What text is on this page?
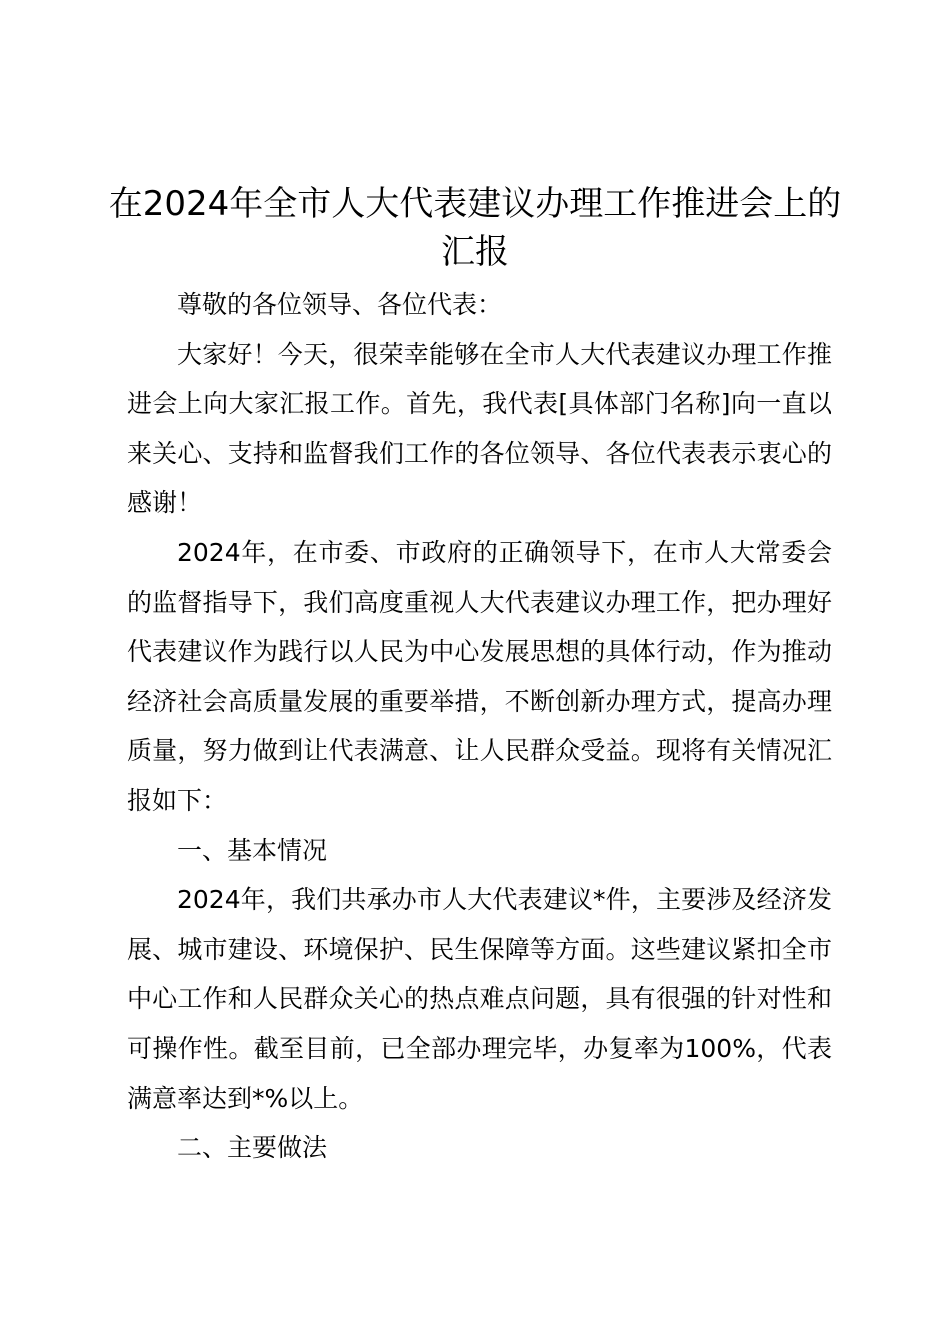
在2024年全市人大代表建议办理工作推进会上的汇报

尊敬的各位领导、各位代表：

大家好！今天，很荣幸能够在全市人大代表建议办理工作推进会上向大家汇报工作。首先，我代表[具体部门名称]向一直以来关心、支持和监督我们工作的各位领导、各位代表表示衷心的感谢！

2024年，在市委、市政府的正确领导下，在市人大常委会的监督指导下，我们高度重视人大代表建议办理工作，把办理好代表建议作为践行以人民为中心发展思想的具体行动，作为推动经济社会高质量发展的重要举措，不断创新办理方式，提高办理质量，努力做到让代表满意、让人民群众受益。现将有关情况汇报如下：

一、基本情况

2024年，我们共承办市人大代表建议*件，主要涉及经济发展、城市建设、环境保护、民生保障等方面。这些建议紧扣全市中心工作和人民群众关心的热点难点问题，具有很强的针对性和可操作性。截至目前，已全部办理完毕，办复率为100%，代表满意率达到*%以上。

二、主要做法
